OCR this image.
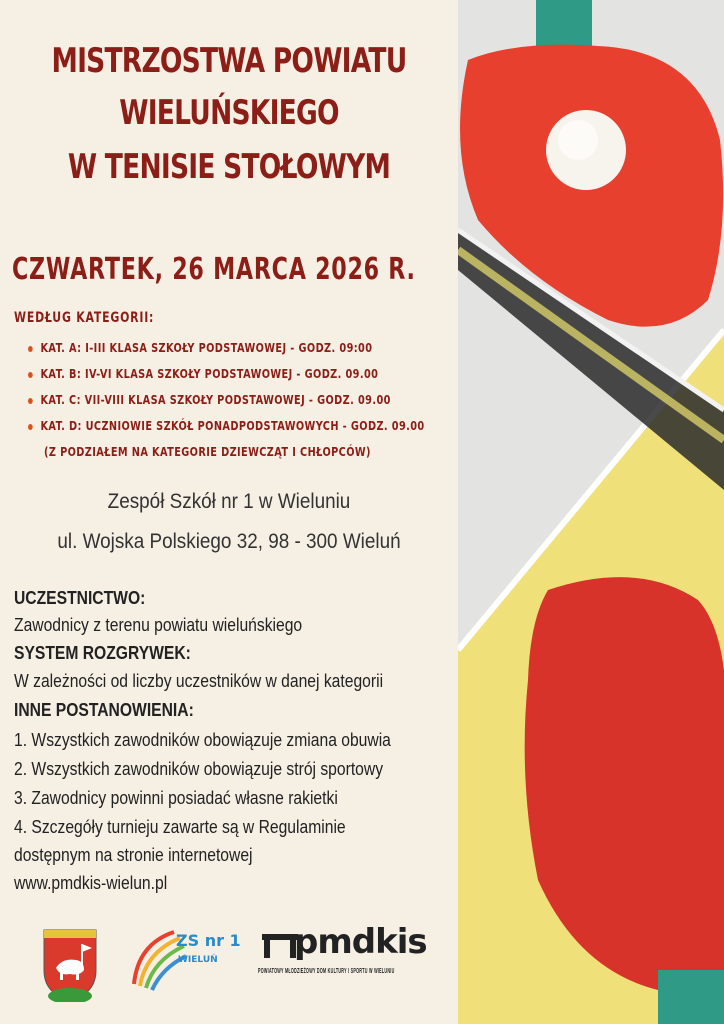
MISTRZOSTWA POWIATU
WIELUŃSKIEGO
W TENISIE STOŁOWYM
CZWARTEK, 26 MARCA 2026 R.
WEDŁUG KATEGORII:
KAT. A: I-III KLASA SZKOŁY PODSTAWOWEJ - GODZ. 09:00
KAT. B: IV-VI KLASA SZKOŁY PODSTAWOWEJ - GODZ. 09.00
KAT. C: VII-VIII KLASA SZKOŁY PODSTAWOWEJ - GODZ. 09.00
KAT. D: UCZNIOWIE SZKÓŁ PONADPODSTAWOWYCH - GODZ. 09.00
(Z PODZIAŁEM NA KATEGORIE DZIEWCZĄT I CHŁOPCÓW)
Zespół Szkół nr 1 w Wieluniu
ul. Wojska Polskiego 32, 98 - 300 Wieluń
UCZESTNICTWO:
Zawodnicy z terenu powiatu wieluńskiego
SYSTEM ROZGRYWEK:
W zależności od liczby uczestników w danej kategorii
INNE POSTANOWIENIA:
1. Wszystkich zawodników obowiązuje zmiana obuwia
2. Wszystkich zawodników obowiązuje strój sportowy
3. Zawodnicy powinni posiadać własne rakietki
4. Szczegóły turnieju zawarte są w Regulaminie
dostępnym na stronie internetowej
www.pmdkis-wielun.pl
ZS nr 1
WIELUŃ pmdkis
POWIATOWY MŁODZIEŻOWY DOM KULTURY I SPORTU W WIELUNIU
